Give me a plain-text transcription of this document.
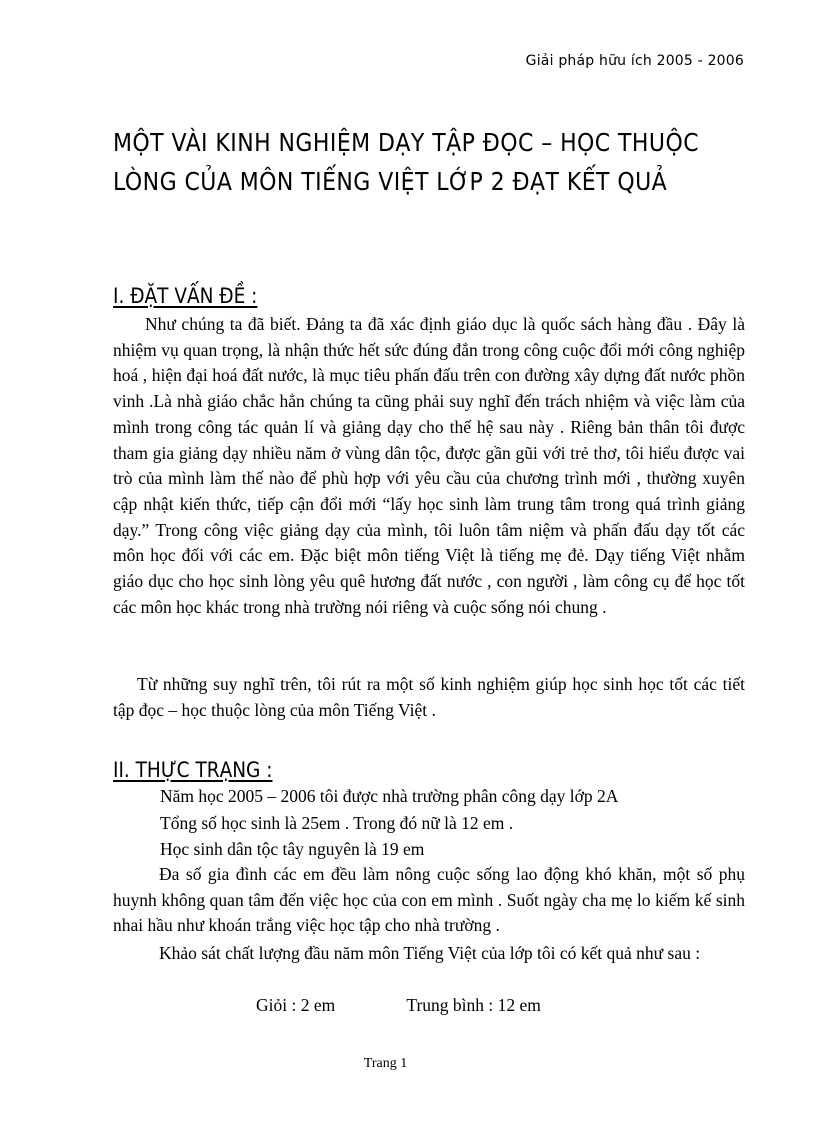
Giải pháp hữu ích 2005 - 2006
MỘT VÀI KINH NGHIỆM DẠY TẬP ĐỌC – HỌC THUỘC LÒNG CỦA MÔN TIẾNG VIỆT LỚP 2 ĐẠT KẾT QUẢ
I. ĐẶT VẤN ĐỀ :

Như chúng ta đã biết. Đảng ta đã xác định giáo dục là quốc sách hàng đầu . Đây là nhiệm vụ quan trọng, là nhận thức hết sức đúng đắn trong công cuộc đổi mới công nghiệp hoá , hiện đại hoá đất nước, là mục tiêu phấn đấu trên con đường xây dựng đất nước phồn vinh .Là nhà giáo chắc hẳn chúng ta cũng phải suy nghĩ đến trách nhiệm và việc làm của mình trong công tác quản lí và giảng dạy cho thế hệ sau này . Riêng bản thân tôi được tham gia giảng dạy nhiều năm ở vùng dân tộc, được gần gũi với trẻ thơ, tôi hiểu được vai trò của mình làm thế nào để phù hợp với yêu cầu của chương trình mới , thường xuyên cập nhật kiến thức, tiếp cận đổi mới “lấy học sinh làm trung tâm trong quá trình giảng dạy.” Trong công việc giảng dạy của mình, tôi luôn tâm niệm và phấn đấu dạy tốt các môn học đối với các em. Đặc biệt môn tiếng Việt là tiếng mẹ đẻ. Dạy tiếng Việt nhằm giáo dục cho học sinh lòng yêu quê hương đất nước , con người , làm công cụ để học tốt các môn học khác trong nhà trường nói riêng và cuộc sống nói chung .

Từ những suy nghĩ trên, tôi rút ra một số kinh nghiệm giúp học sinh học tốt các tiết tập đọc – học thuộc lòng của môn Tiếng Việt .

II. THỰC TRẠNG :

Năm học 2005 – 2006 tôi được nhà trường phân công dạy lớp 2A

Tổng số học sinh là 25em . Trong đó nữ là 12 em .

Học sinh dân tộc tây nguyên là 19 em

Đa số gia đình các em đều làm nông cuộc sống lao động khó khăn, một số phụ huynh không quan tâm đến việc học của con em mình . Suốt ngày cha mẹ lo kiếm kế sinh nhai hầu như khoán trắng việc học tập cho nhà trường .

Khảo sát chất lượng đầu năm môn Tiếng Việt của lớp tôi có kết quả như sau :

Giỏi : 2 em	Trung bình : 12 em

Trang 1
